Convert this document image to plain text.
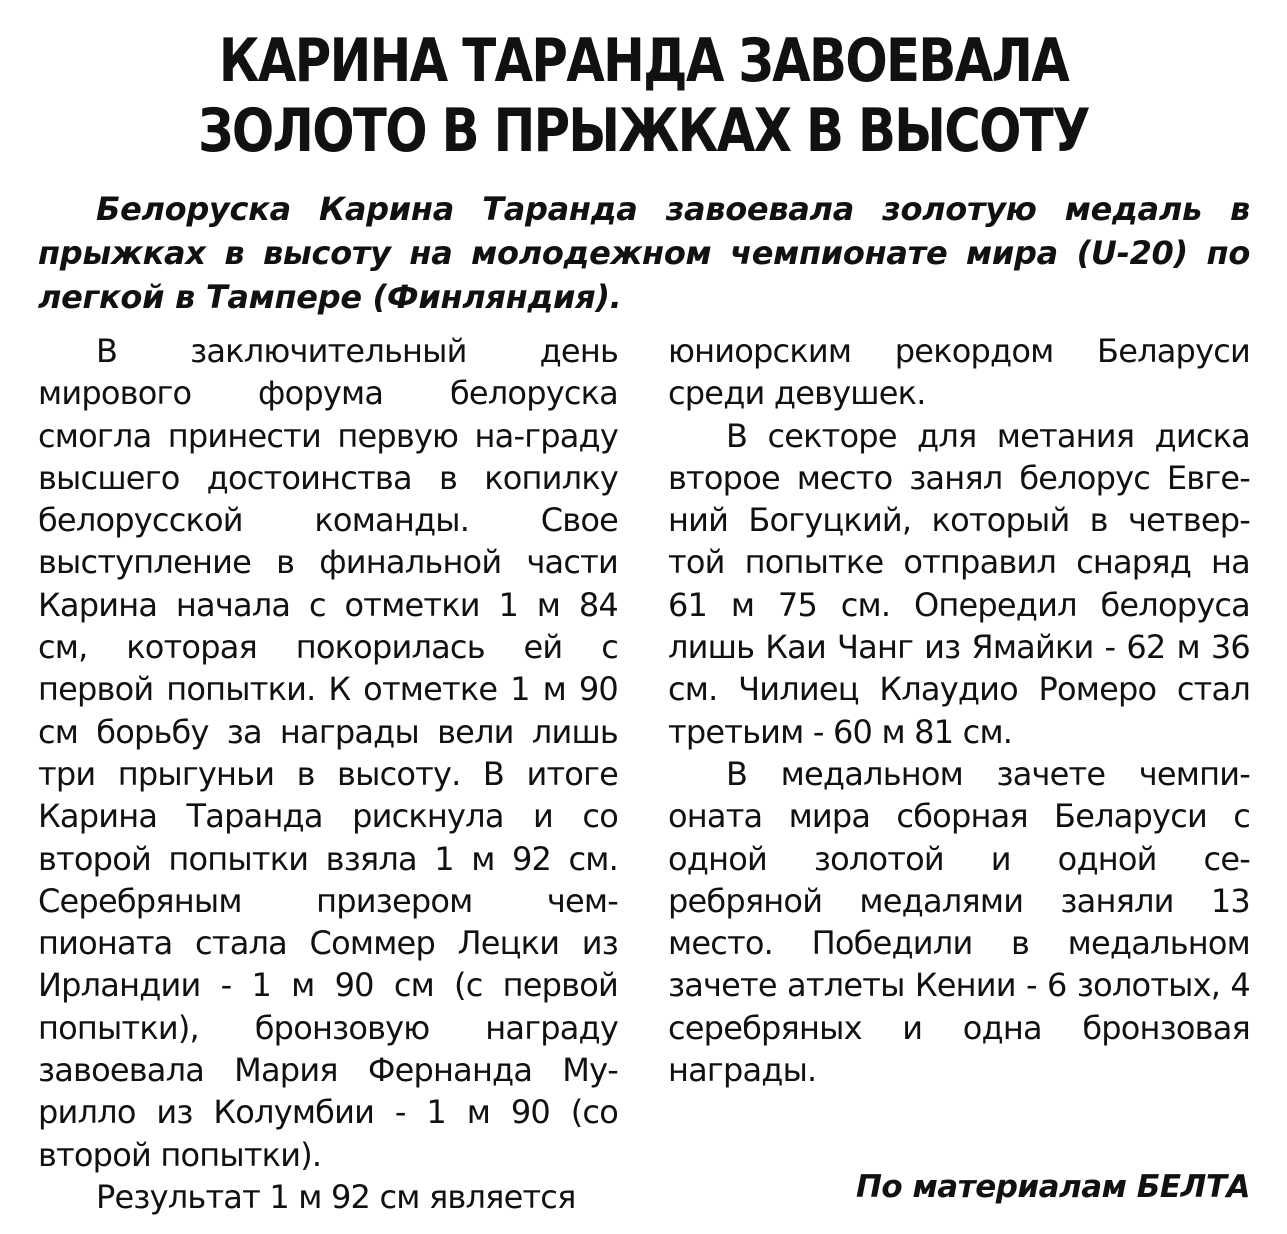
КАРИНА ТАРАНДА ЗАВОЕВАЛА ЗОЛОТО В ПРЫЖКАХ В ВЫСОТУ

Белоруска Карина Таранда завоевала золотую медаль в прыжках в высоту на молодежном чемпионате мира (U-20) по легкой в Тампере (Финляндия).

В заключительный день мирового форума белоруска смогла принести первую на-граду высшего достоинства в копилку белорусской команды. Свое выступление в финальной части Карина начала с отметки 1 м 84 см, которая покорилась ей с первой попытки. К отметке 1 м 90 см борьбу за награды вели лишь три прыгуньи в высоту. В итоге Карина Таранда рискнула и со второй попытки взяла 1 м 92 см. Серебряным призером чем-пионата стала Соммер Лецки из Ирландии - 1 м 90 см (с первой попытки), бронзовую награду завоевала Мария Фернанда Му-рилло из Колумбии - 1 м 90 (со второй попытки).

Результат 1 м 92 см является

юниорским рекордом Беларуси среди девушек.

В секторе для метания диска второе место занял белорус Евге-ний Богуцкий, который в четвер-той попытке отправил снаряд на 61 м 75 см. Опередил белоруса лишь Каи Чанг из Ямайки - 62 м 36 см. Чилиец Клаудио Ромеро стал третьим - 60 м 81 см.

В медальном зачете чемпи-оната мира сборная Беларуси с одной золотой и одной се-ребряной медалями заняли 13 место. Победили в медальном зачете атлеты Кении - 6 золотых, 4 серебряных и одна бронзовая награды.

По материалам БЕЛТА
